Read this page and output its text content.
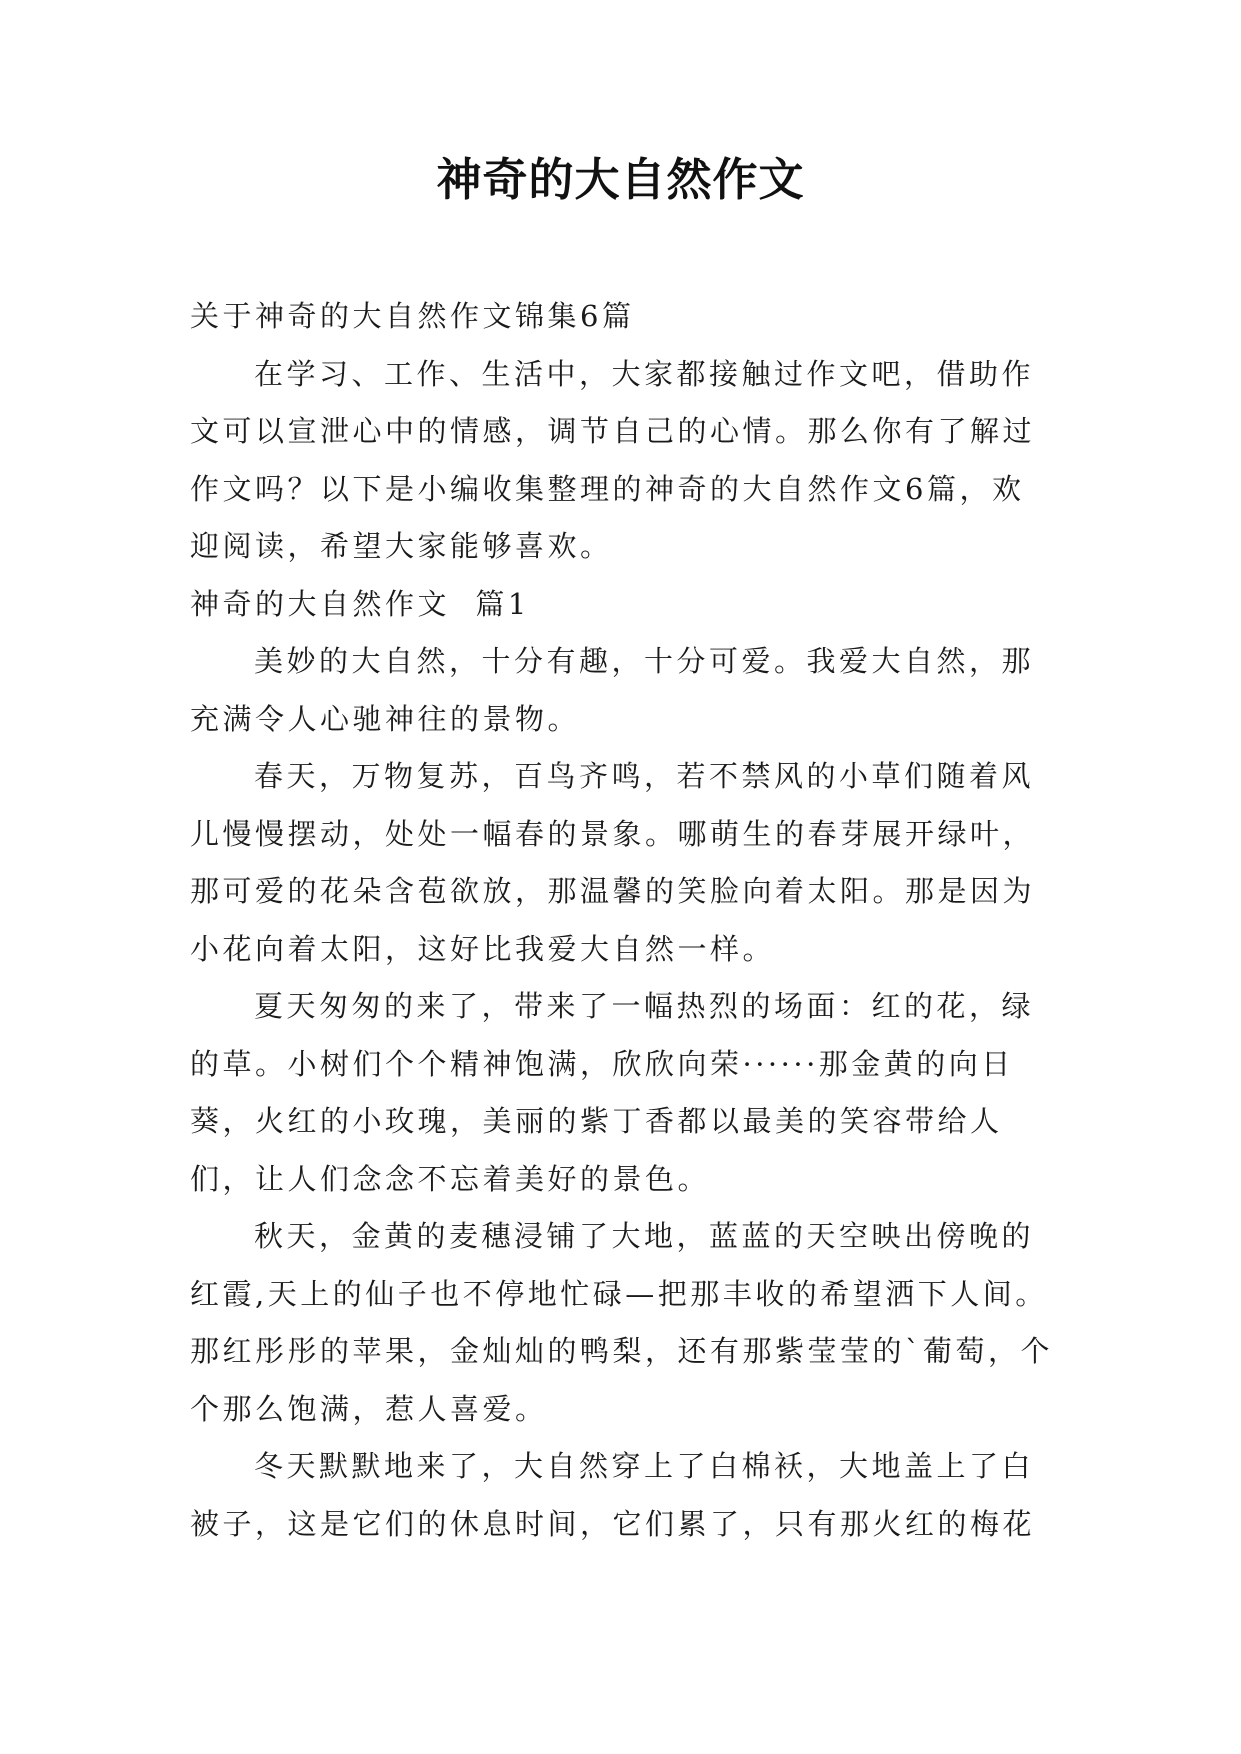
神奇的大自然作文

关于神奇的大自然作文锦集6篇

在学习、工作、生活中，大家都接触过作文吧，借助作文可以宣泄心中的情感，调节自己的心情。那么你有了解过作文吗？以下是小编收集整理的神奇的大自然作文6篇，欢迎阅读，希望大家能够喜欢。

神奇的大自然作文  篇1

美妙的大自然，十分有趣，十分可爱。我爱大自然，那充满令人心驰神往的景物。

春天，万物复苏，百鸟齐鸣，若不禁风的小草们随着风儿慢慢摆动，处处一幅春的景象。哪萌生的春芽展开绿叶，那可爱的花朵含苞欲放，那温馨的笑脸向着太阳。那是因为小花向着太阳，这好比我爱大自然一样。

夏天匆匆的来了，带来了一幅热烈的场面：红的花，绿的草。小树们个个精神饱满，欣欣向荣······那金黄的向日葵，火红的小玫瑰，美丽的紫丁香都以最美的笑容带给人们，让人们念念不忘着美好的景色。

秋天，金黄的麦穗浸铺了大地，蓝蓝的天空映出傍晚的红霞,天上的仙子也不停地忙碌—把那丰收的希望洒下人间。那红彤彤的苹果，金灿灿的鸭梨，还有那紫莹莹的`葡萄，个个那么饱满，惹人喜爱。

冬天默默地来了，大自然穿上了白棉袄，大地盖上了白被子，这是它们的休息时间，它们累了，只有那火红的梅花
